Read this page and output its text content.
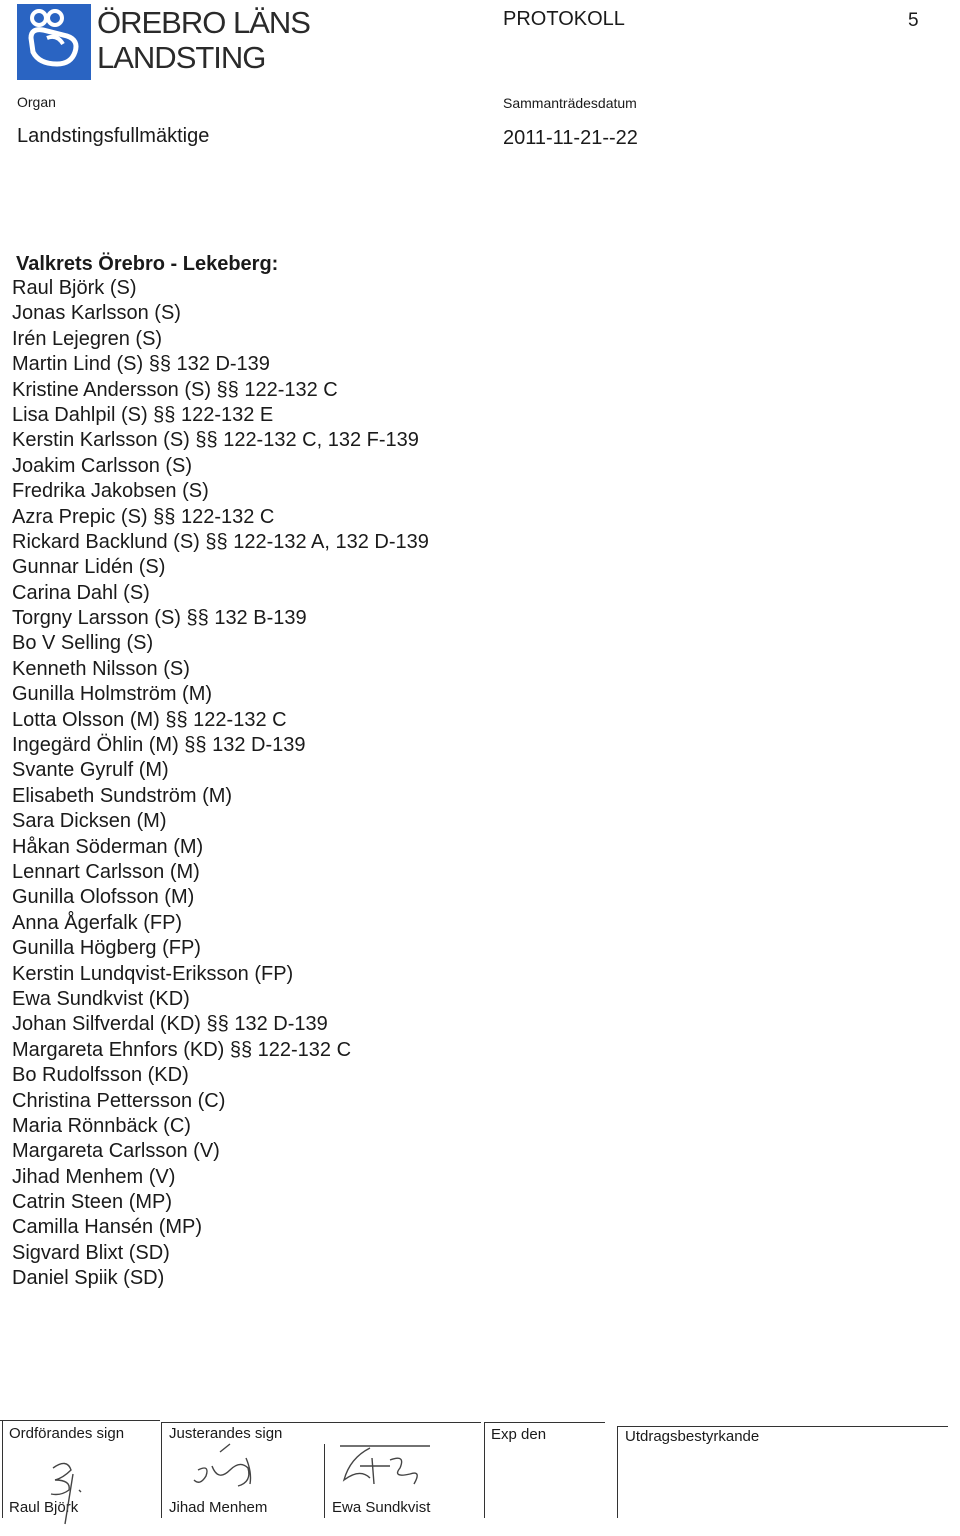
ÖREBRO LÄNS LANDSTING
PROTOKOLL	5
Organ
Landstingsfullmäktige
Sammanträdesdatum
2011-11-21--22
Valkrets Örebro - Lekeberg:
Raul Björk (S)
Jonas Karlsson (S)
Irén Lejegren (S)
Martin Lind (S) §§ 132 D-139
Kristine Andersson (S) §§ 122-132 C
Lisa Dahlpil (S) §§ 122-132 E
Kerstin Karlsson (S) §§ 122-132 C, 132 F-139
Joakim Carlsson (S)
Fredrika Jakobsen (S)
Azra Prepic (S) §§ 122-132 C
Rickard Backlund (S) §§ 122-132 A, 132 D-139
Gunnar Lidén (S)
Carina Dahl (S)
Torgny Larsson (S) §§ 132 B-139
Bo V Selling (S)
Kenneth Nilsson (S)
Gunilla Holmström (M)
Lotta Olsson (M) §§ 122-132 C
Ingegärd Öhlin (M) §§ 132 D-139
Svante Gyrulf (M)
Elisabeth Sundström (M)
Sara Dicksen (M)
Håkan Söderman (M)
Lennart Carlsson (M)
Gunilla Olofsson (M)
Anna Ågerfalk (FP)
Gunilla Högberg (FP)
Kerstin Lundqvist-Eriksson (FP)
Ewa Sundkvist (KD)
Johan Silfverdal (KD) §§ 132 D-139
Margareta Ehnfors (KD) §§ 122-132 C
Bo Rudolfsson (KD)
Christina Pettersson (C)
Maria Rönnbäck (C)
Margareta Carlsson (V)
Jihad Menhem (V)
Catrin Steen (MP)
Camilla Hansén (MP)
Sigvard Blixt (SD)
Daniel Spiik (SD)
Ordförandes sign	Justerandes sign	Exp den	Utdragsbestyrkande
Raul Björk	Jihad Menhem	Ewa Sundkvist
